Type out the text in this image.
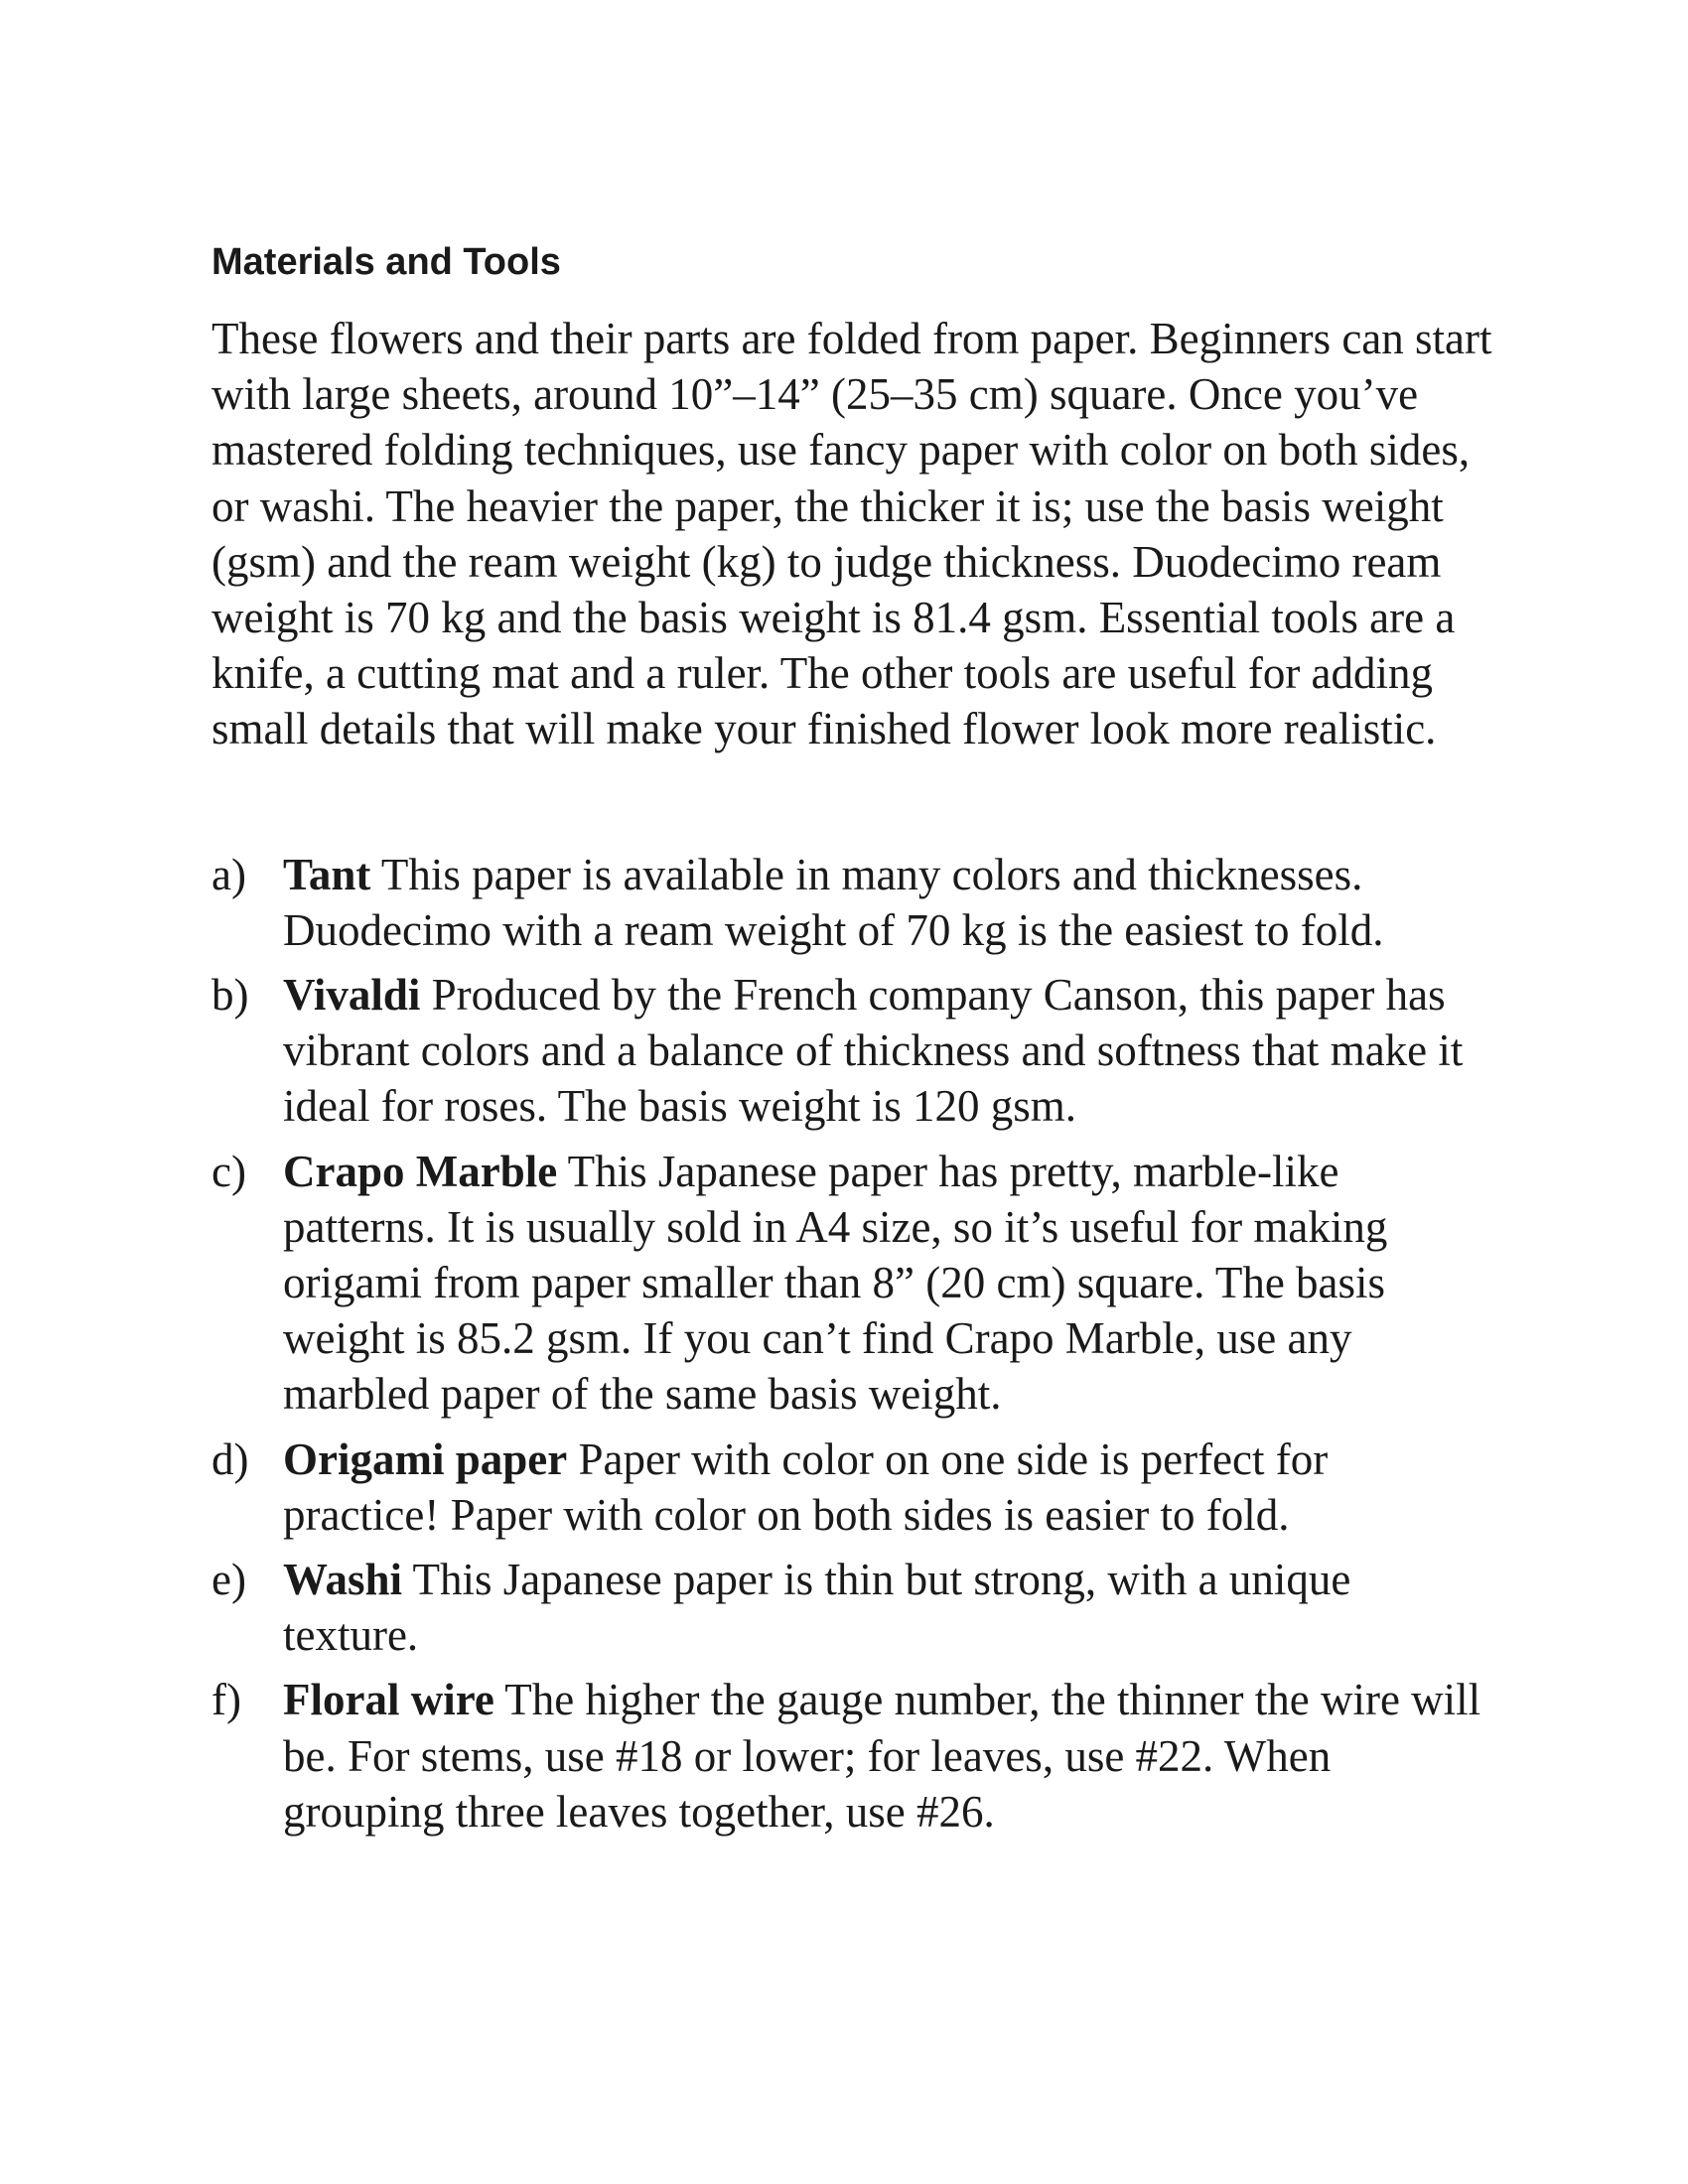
Materials and Tools

These flowers and their parts are folded from paper. Beginners can start with large sheets, around 10”–14” (25–35 cm) square. Once you’ve mastered folding techniques, use fancy paper with color on both sides, or washi. The heavier the paper, the thicker it is; use the basis weight (gsm) and the ream weight (kg) to judge thickness. Duodecimo ream weight is 70 kg and the basis weight is 81.4 gsm. Essential tools are a knife, a cutting mat and a ruler. The other tools are useful for adding small details that will make your finished flower look more realistic.

a) Tant This paper is available in many colors and thicknesses. Duodecimo with a ream weight of 70 kg is the easiest to fold.
b) Vivaldi Produced by the French company Canson, this paper has vibrant colors and a balance of thickness and softness that make it ideal for roses. The basis weight is 120 gsm.
c) Crapo Marble This Japanese paper has pretty, marble-like patterns. It is usually sold in A4 size, so it’s useful for making origami from paper smaller than 8” (20 cm) square. The basis weight is 85.2 gsm. If you can’t find Crapo Marble, use any marbled paper of the same basis weight.
d) Origami paper Paper with color on one side is perfect for practice! Paper with color on both sides is easier to fold.
e) Washi This Japanese paper is thin but strong, with a unique texture.
f) Floral wire The higher the gauge number, the thinner the wire will be. For stems, use #18 or lower; for leaves, use #22. When grouping three leaves together, use #26.
